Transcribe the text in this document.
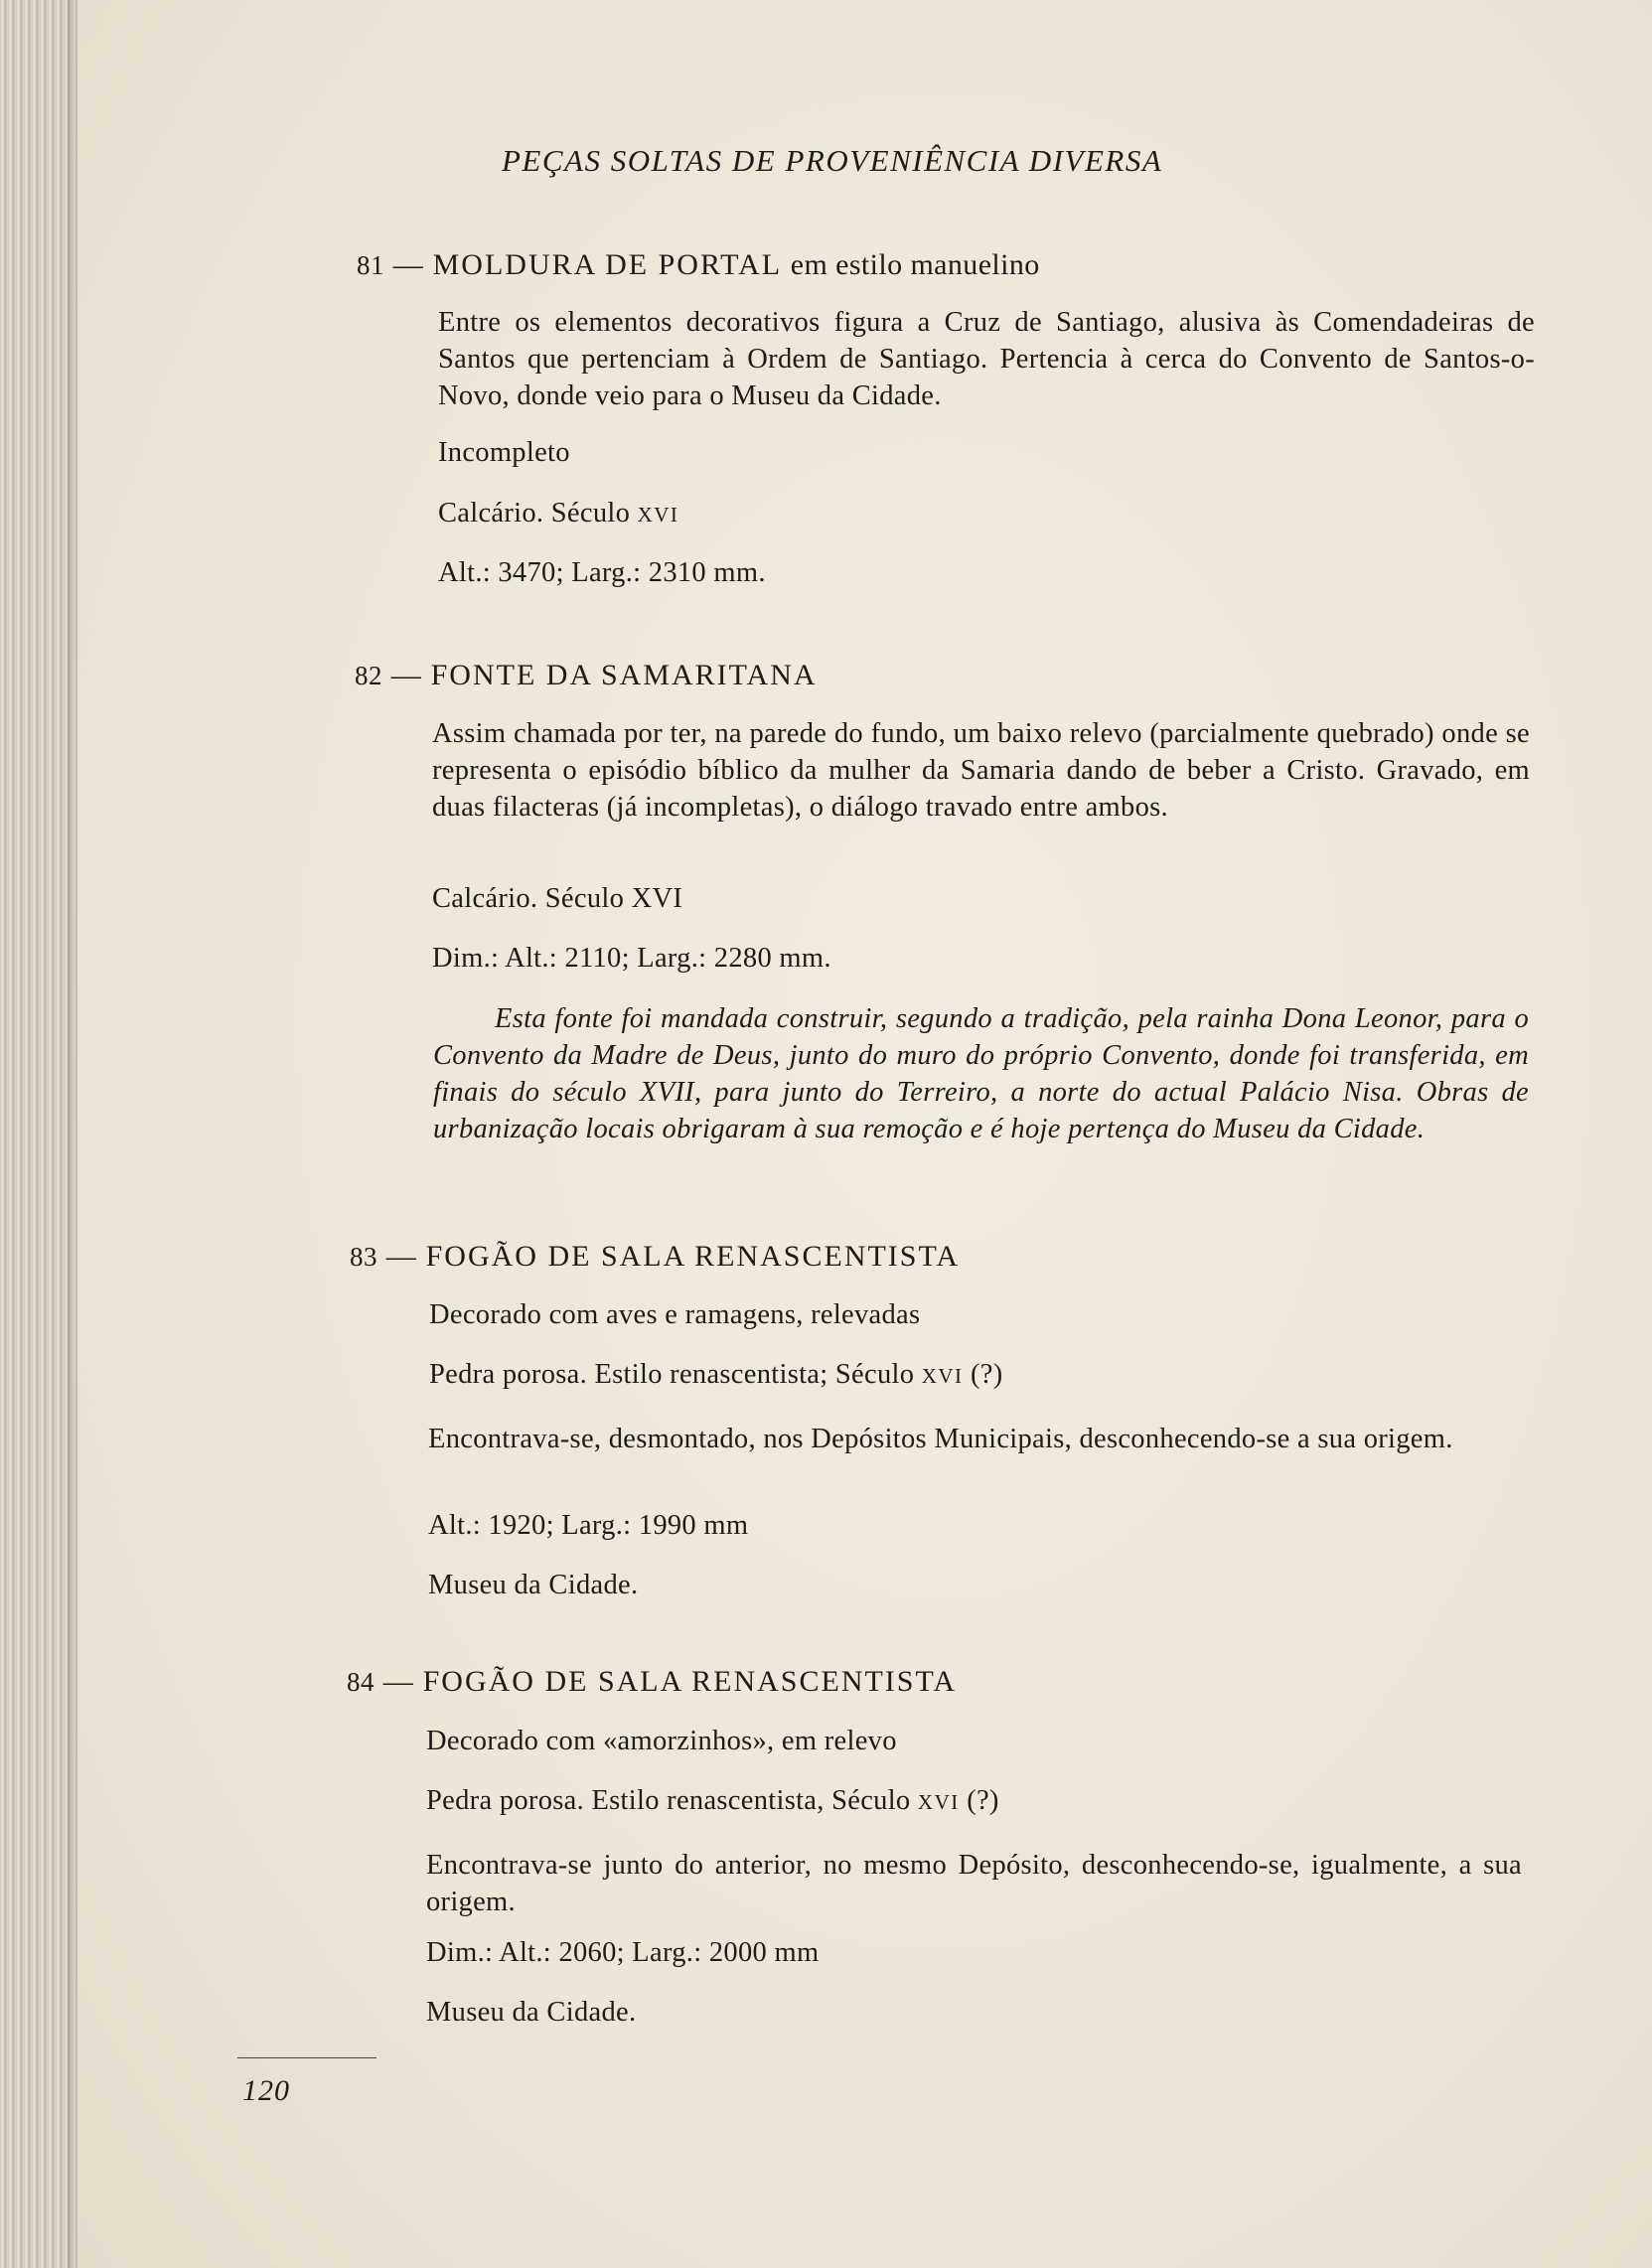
PEÇAS SOLTAS DE PROVENIÊNCIA DIVERSA
81 — MOLDURA DE PORTAL em estilo manuelino
Entre os elementos decorativos figura a Cruz de Santiago, alusiva às Comendadeiras de Santos que pertenciam à Ordem de Santiago. Pertencia à cerca do Convento de Santos-o-Novo, donde veio para o Museu da Cidade.
Incompleto
Calcário. Século XVI
Alt.: 3470; Larg.: 2310 mm.
82 — FONTE DA SAMARITANA
Assim chamada por ter, na parede do fundo, um baixo relevo (parcialmente quebrado) onde se representa o episódio bíblico da mulher da Samaria dando de beber a Cristo. Gravado, em duas filacteras (já incompletas), o diálogo travado entre ambos.
Calcário. Século XVI
Dim.: Alt.: 2110; Larg.: 2280 mm.
Esta fonte foi mandada construir, segundo a tradição, pela rainha Dona Leonor, para o Convento da Madre de Deus, junto do muro do próprio Convento, donde foi transferida, em finais do século XVII, para junto do Terreiro, a norte do actual Palácio Nisa. Obras de urbanização locais obrigaram à sua remoção e é hoje pertença do Museu da Cidade.
83 — FOGÃO DE SALA RENASCENTISTA
Decorado com aves e ramagens, relevadas
Pedra porosa. Estilo renascentista; Século XVI (?)
Encontrava-se, desmontado, nos Depósitos Municipais, desconhecendo-se a sua origem.
Alt.: 1920; Larg.: 1990 mm
Museu da Cidade.
84 — FOGÃO DE SALA RENASCENTISTA
Decorado com «amorzinhos», em relevo
Pedra porosa. Estilo renascentista, Século XVI (?)
Encontrava-se junto do anterior, no mesmo Depósito, desconhecendo-se, igualmente, a sua origem.
Dim.: Alt.: 2060; Larg.: 2000 mm
Museu da Cidade.
120
